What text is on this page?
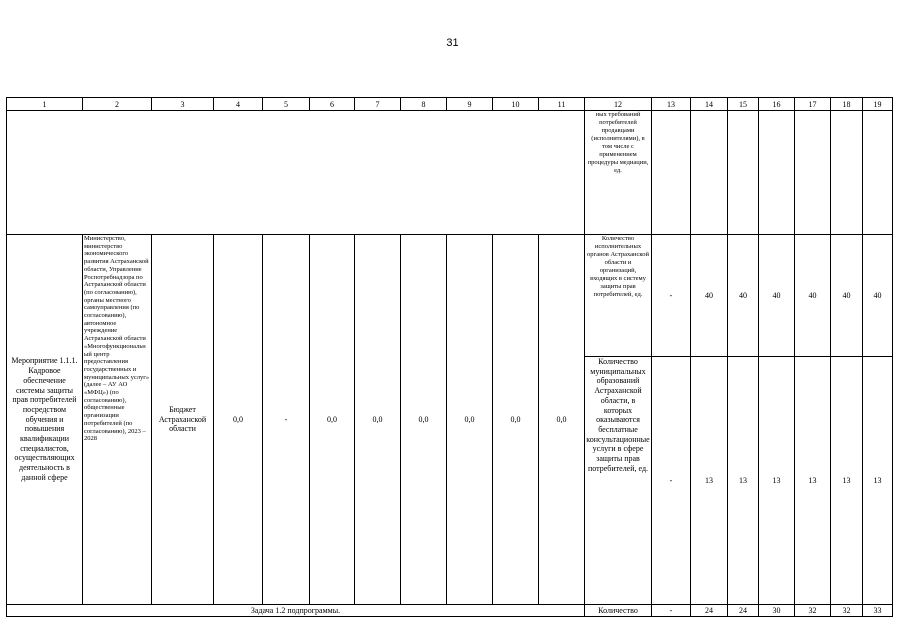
31
1	2	3	4	5	6	7	8	9	10	11	12	13	14	15	16	17	18	19
											ных требований потребителей продавцами (исполнителями), в том числе с применением процедуры медиации, ед.							
Мероприятие 1.1.1. Кадровое обеспечение системы защиты прав потребителей посредством обучения и повышения квалификации специалистов, осуществляющих деятельность в данной сфере	Министерство, министерство экономического развития Астраханской области, Управление Роспотребнадзора по Астраханской области (по согласованию), органы местного самоуправления (по согласованию), автономное учреждение Астраханской области «Многофункциональный центр предоставления государственных и муниципальных услуг» (далее – АУ АО «МФЦ») (по согласованию), общественные организации потребителей (по согласованию), 2023 – 2028	Бюджет Астраханской области	0,0	-	0,0	0,0	0,0	0,0	0,0	0,0	Количество исполнительных органов Астраханской области и организаций, входящих в систему защиты прав потребителей, ед.	-	40	40	40	40	40	40
											Количество муниципальных образований Астраханской области, в которых оказываются бесплатные консультационные услуги в сфере защиты прав потребителей, ед.	-	13	13	13	13	13	13
Задача 1.2 подпрограммы.											Количество	-	24	24	30	32	32	33
